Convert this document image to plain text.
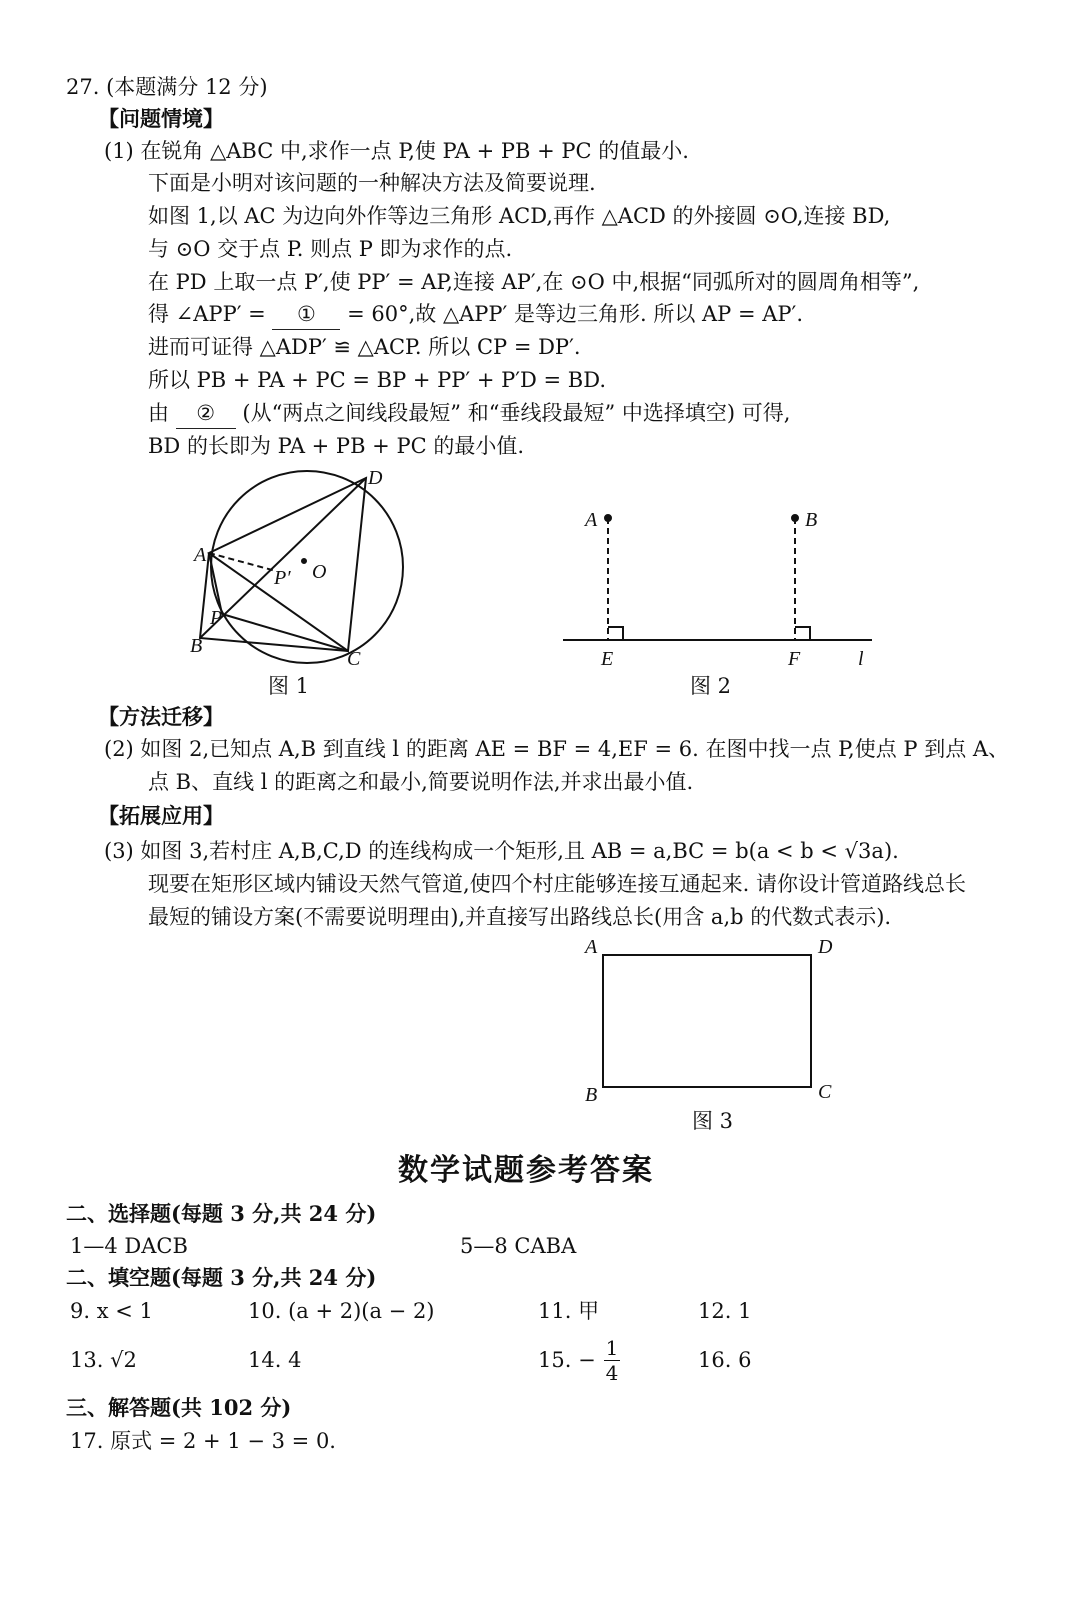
27. (本题满分 12 分)
【问题情境】
(1) 在锐角 △ABC 中,求作一点 P,使 PA + PB + PC 的值最小.
下面是小明对该问题的一种解决方法及简要说理.
如图 1,以 AC 为边向外作等边三角形 ACD,再作 △ACD 的外接圆 ⊙O,连接 BD,
与 ⊙O 交于点 P. 则点 P 即为求作的点.
在 PD 上取一点 P′,使 PP′ = AP,连接 AP′,在 ⊙O 中,根据“同弧所对的圆周角相等”,
得 ∠APP′ = ① = 60°,故 △APP′ 是等边三角形. 所以 AP = AP′.
进而可证得 △ADP′ ≌ △ACP. 所以 CP = DP′.
所以 PB + PA + PC = BP + PP′ + P′D = BD.
由 ② (从“两点之间线段最短” 和“垂线段最短” 中选择填空) 可得,
BD 的长即为 PA + PB + PC 的最小值.
D
A
B
C
P
P′ O
A	B
E	F	l
A	D
B	C
图 1	图 2
【方法迁移】
(2) 如图 2,已知点 A,B 到直线 l 的距离 AE = BF = 4,EF = 6. 在图中找一点 P,使点 P 到点 A、
点 B、直线 l 的距离之和最小,简要说明作法,并求出最小值.
【拓展应用】
(3) 如图 3,若村庄 A,B,C,D 的连线构成一个矩形,且 AB = a,BC = b(a < b < √3a).
现要在矩形区域内铺设天然气管道,使四个村庄能够连接互通起来. 请你设计管道路线总长
最短的铺设方案(不需要说明理由),并直接写出路线总长(用含 a,b 的代数式表示).
图 3
数学试题参考答案
二、选择题(每题 3 分,共 24 分)
1—4 DACB	5—8 CABA
二、填空题(每题 3 分,共 24 分)
9. x < 1	10. (a + 2)(a − 2)	11. 甲	12. 1
13. √2	14. 4	15. − $\frac{1}{4}$	16. 6
三、解答题(共 102 分)
17. 原式 = 2 + 1 − 3 = 0.
